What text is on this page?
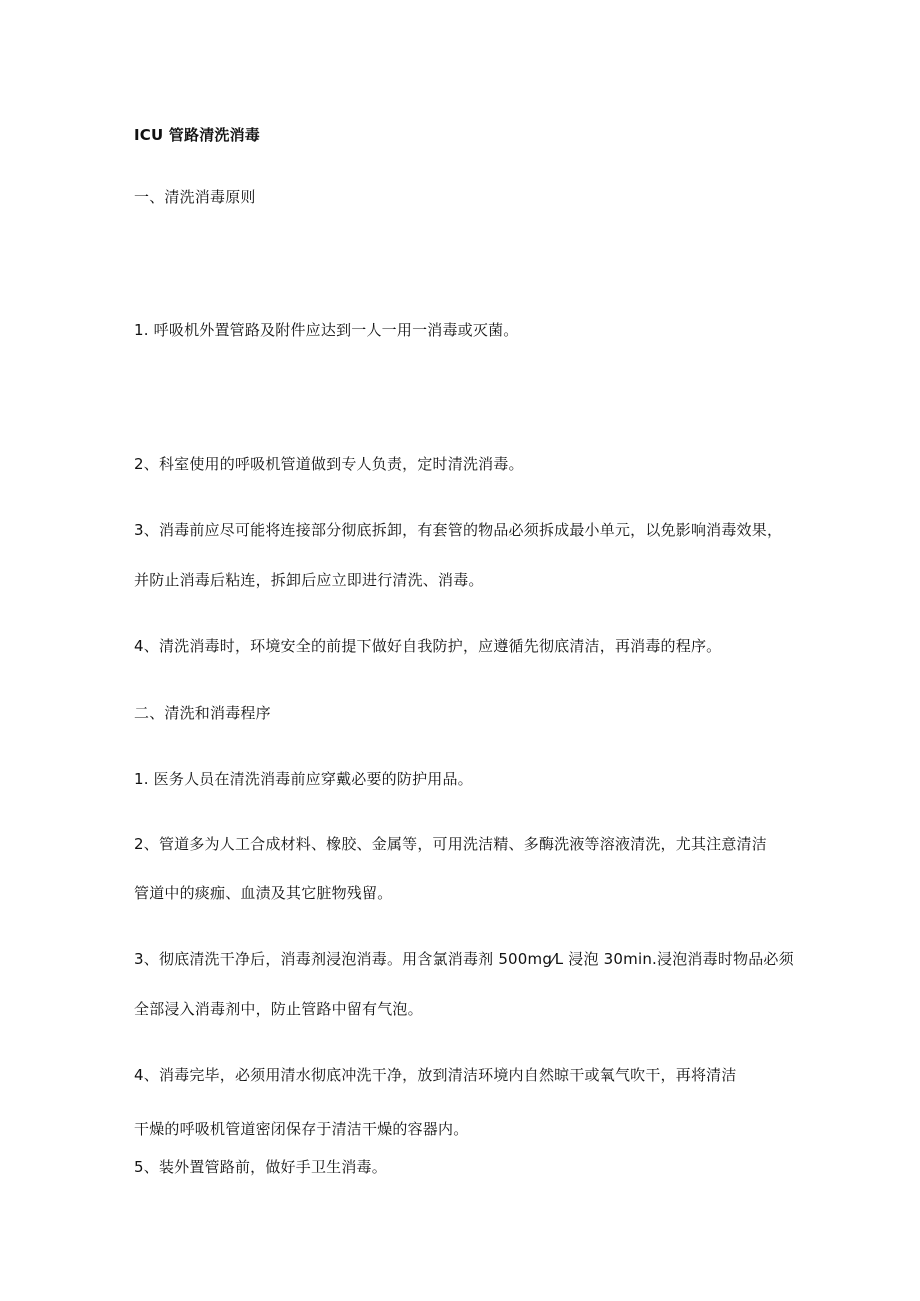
ICU 管路清洗消毒
一、清洗消毒原则
1. 呼吸机外置管路及附件应达到一人一用一消毒或灭菌。
2、科室使用的呼吸机管道做到专人负责，定时清洗消毒。
3、消毒前应尽可能将连接部分彻底拆卸，有套管的物品必须拆成最小单元，以免影响消毒效果，
并防止消毒后粘连，拆卸后应立即进行清洗、消毒。
4、清洗消毒时，环境安全的前提下做好自我防护，应遵循先彻底清洁，再消毒的程序。
二、清洗和消毒程序
1. 医务人员在清洗消毒前应穿戴必要的防护用品。
2、管道多为人工合成材料、橡胶、金属等，可用洗洁精、多酶洗液等溶液清洗，尤其注意清洁
管道中的痰痂、血渍及其它脏物残留。
3、彻底清洗干净后，消毒剂浸泡消毒。用含氯消毒剂 500mg⁄L 浸泡 30min.浸泡消毒时物品必须
全部浸入消毒剂中，防止管路中留有气泡。
4、消毒完毕，必须用清水彻底冲洗干净，放到清洁环境内自然晾干或氧气吹干，再将清洁
干燥的呼吸机管道密闭保存于清洁干燥的容器内。
5、装外置管路前，做好手卫生消毒。
